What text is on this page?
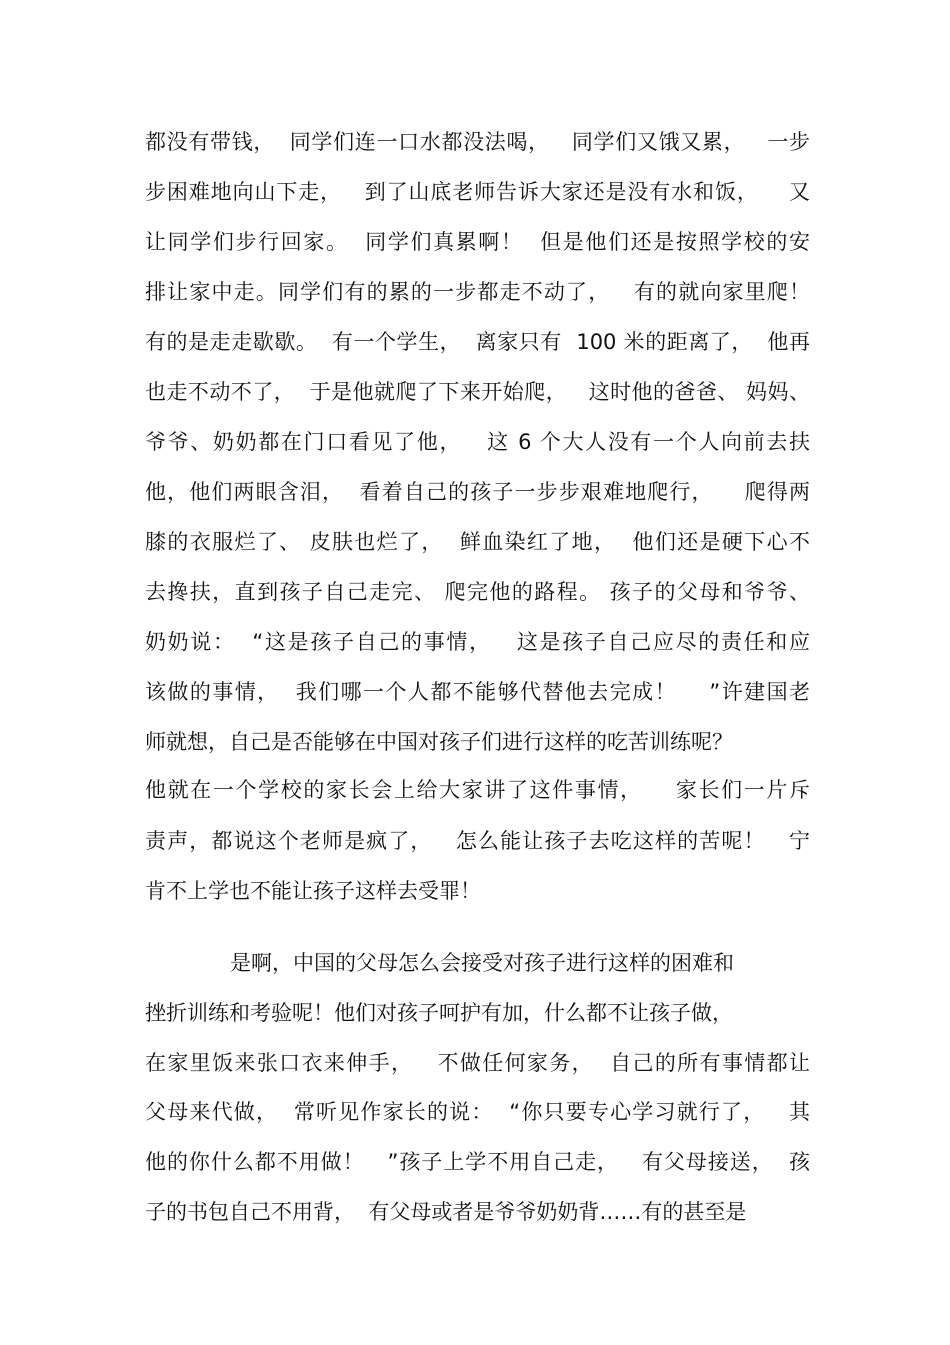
都没有带钱，  同学们连一口水都没法喝，   同学们又饿又累，   一步
步困难地向山下走，   到了山底老师告诉大家还是没有水和饭，    又
让同学们步行回家。  同学们真累啊！  但是他们还是按照学校的安
排让家中走。同学们有的累的一步都走不动了，   有的就向家里爬！
有的是走走歇歇。  有一个学生，  离家只有  100 米的距离了，  他再
也走不动不了，  于是他就爬了下来开始爬，   这时他的爸爸、 妈妈、
爷爷、奶奶都在门口看见了他，   这 6 个大人没有一个人向前去扶
他，他们两眼含泪，  看着自己的孩子一步步艰难地爬行，    爬得两
膝的衣服烂了、 皮肤也烂了，  鲜血染红了地，  他们还是硬下心不
去搀扶，直到孩子自己走完、 爬完他的路程。 孩子的父母和爷爷、
奶奶说：  “这是孩子自己的事情，   这是孩子自己应尽的责任和应
该做的事情，  我们哪一个人都不能够代替他去完成！    ”许建国老
师就想，自己是否能够在中国对孩子们进行这样的吃苦训练呢？
他就在一个学校的家长会上给大家讲了这件事情，    家长们一片斥
责声，都说这个老师是疯了，   怎么能让孩子去吃这样的苦呢！   宁
肯不上学也不能让孩子这样去受罪！
是啊，中国的父母怎么会接受对孩子进行这样的困难和
挫折训练和考验呢！他们对孩子呵护有加，什么都不让孩子做，
在家里饭来张口衣来伸手，   不做任何家务，  自己的所有事情都让
父母来代做，  常听见作家长的说：  “你只要专心学习就行了，   其
他的你什么都不用做！   ”孩子上学不用自己走，   有父母接送，  孩
子的书包自己不用背，  有父母或者是爷爷奶奶背……有的甚至是
